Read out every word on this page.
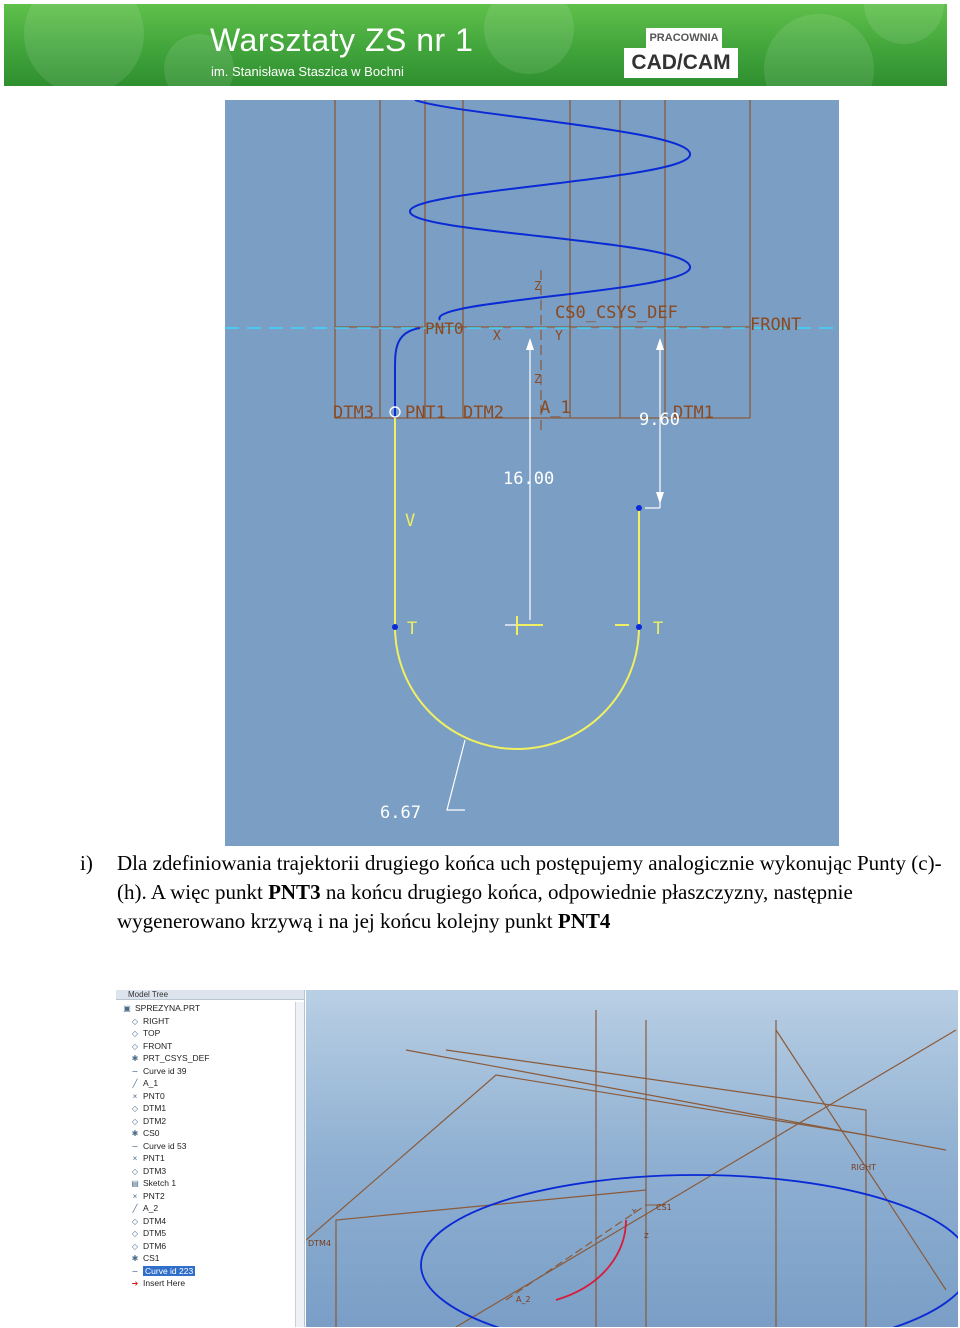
Warsztaty ZS nr 1
im. Stanisława Staszica w Bochni
PRACOWNIA
CAD/CAM
PNT0
Z
X	Y
CS0_CSYS_DEF
FRONT
Z
DTM3 PNT1 DTM2 A_1	DTM1
V
T	T
9.60
16.00
6.67
i) Dla zdefiniowania trajektorii drugiego końca uch postępujemy analogicznie wykonując Punty (c)-(h). A więc punkt PNT3 na końcu drugiego końca, odpowiednie płaszczyzny, następnie wygenerowano krzywą i na jej końcu kolejny punkt PNT4
Model Tree
▣ SPREZYNA.PRT
◇ RIGHT
◇ TOP
◇ FRONT
✱ PRT_CSYS_DEF
∼ Curve id 39
╱ A_1
× PNT0
◇ DTM1
◇ DTM2
✱ CS0
∼ Curve id 53
× PNT1
◇ DTM3
▤ Sketch 1
× PNT2
╱ A_2
◇ DTM4
◇ DTM5
◇ DTM6
✱ CS1
∼ Curve id 223
➔ Insert Here
RIGHT
CS1
DTM4
A_2
Y
Z
